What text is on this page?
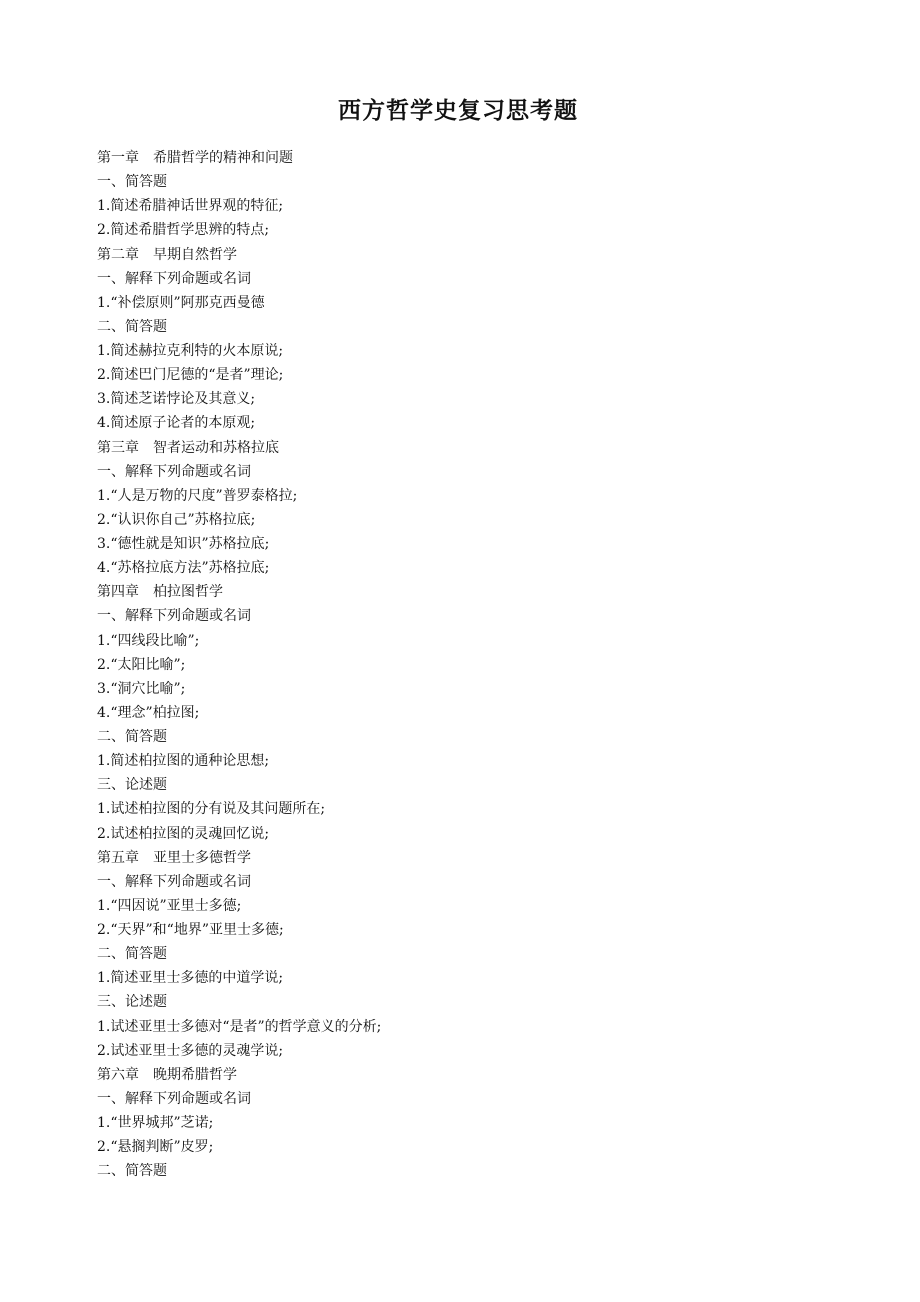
西方哲学史复习思考题
第一章　希腊哲学的精神和问题
一、简答题
1.简述希腊神话世界观的特征;
2.简述希腊哲学思辨的特点;
第二章　早期自然哲学
一、解释下列命题或名词
1.“补偿原则”阿那克西曼德
二、简答题
1.简述赫拉克利特的火本原说;
2.简述巴门尼德的“是者”理论;
3.简述芝诺悖论及其意义;
4.简述原子论者的本原观;
第三章　智者运动和苏格拉底
一、解释下列命题或名词
1.“人是万物的尺度”普罗泰格拉;
2.“认识你自己”苏格拉底;
3.“德性就是知识”苏格拉底;
4.“苏格拉底方法”苏格拉底;
第四章　柏拉图哲学
一、解释下列命题或名词
1.“四线段比喻”;
2.“太阳比喻”;
3.“洞穴比喻”;
4.“理念”柏拉图;
二、简答题
1.简述柏拉图的通种论思想;
三、论述题
1.试述柏拉图的分有说及其问题所在;
2.试述柏拉图的灵魂回忆说;
第五章　亚里士多德哲学
一、解释下列命题或名词
1.“四因说”亚里士多德;
2.“天界”和“地界”亚里士多德;
二、简答题
1.简述亚里士多德的中道学说;
三、论述题
1.试述亚里士多德对“是者”的哲学意义的分析;
2.试述亚里士多德的灵魂学说;
第六章　晚期希腊哲学
一、解释下列命题或名词
1.“世界城邦”芝诺;
2.“悬搁判断”皮罗;
二、简答题
